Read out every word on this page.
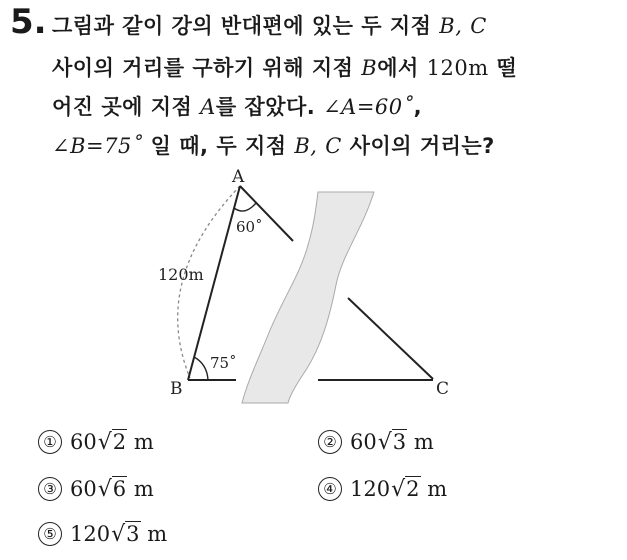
5. 그림과 같이 강의 반대편에 있는 두 지점 B, C
사이의 거리를 구하기 위해 지점 B에서 120m 떨
어진 곳에 지점 A를 잡았다. ∠A=60˚,
∠B=75˚ 일 때, 두 지점 B, C 사이의 거리는?
A
B	C
60˚
75˚
120m
① 60√2 m	② 60√3 m
③ 60√6 m	④ 120√2 m
⑤ 120√3 m
